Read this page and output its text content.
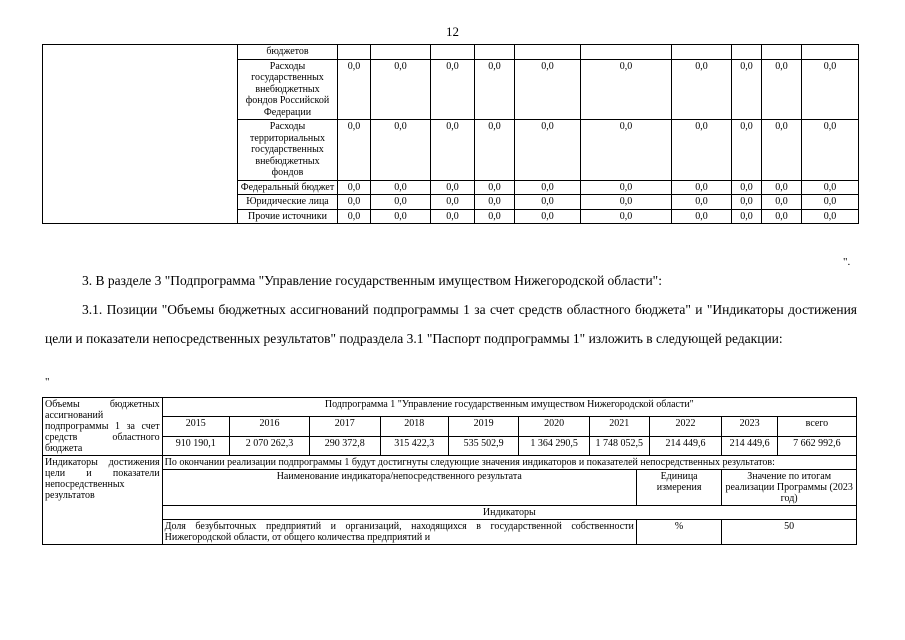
12
	бюджетов										
	Расходы государственных внебюджетных фондов Российской Федерации	0,0	0,0	0,0	0,0	0,0	0,0	0,0	0,0	0,0	0,0
	Расходы территориальных государственных внебюджетных фондов	0,0	0,0	0,0	0,0	0,0	0,0	0,0	0,0	0,0	0,0
	Федеральный бюджет	0,0	0,0	0,0	0,0	0,0	0,0	0,0	0,0	0,0	0,0
	Юридические лица	0,0	0,0	0,0	0,0	0,0	0,0	0,0	0,0	0,0	0,0
	Прочие источники	0,0	0,0	0,0	0,0	0,0	0,0	0,0	0,0	0,0	0,0
".
3. В разделе 3 "Подпрограмма "Управление государственным имуществом Нижегородской области":
3.1. Позиции "Объемы бюджетных ассигнований подпрограммы 1 за счет средств областного бюджета" и "Индикаторы достижения цели и показатели непосредственных результатов" подраздела 3.1 "Паспорт подпрограммы 1" изложить в следующей редакции:
"
Объемы бюджетных ассигнований подпрограммы 1 за счет средств областного бюджета	Подпрограмма 1 "Управление государственным имуществом Нижегородской области"										
	2015	2016	2017	2018	2019	2020	2021		2022	2023	всего
	910 190,1	2 070 262,3	290 372,8	315 422,3	535 502,9	1 364 290,5	1 748 052,5		214 449,6	214 449,6	7 662 992,6
Индикаторы достижения цели и показатели непосредственных результатов	По окончании реализации подпрограммы 1 будут достигнуты следующие значения индикаторов и показателей непосредственных результатов:										
	Наименование индикатора/непосредственного результата							Единица измерения		Значение по итогам реализации Программы (2023 год)	
	Индикаторы										
	Доля безубыточных предприятий и организаций, находящихся в государственной собственности Нижегородской области, от общего количества предприятий и							%		50	
